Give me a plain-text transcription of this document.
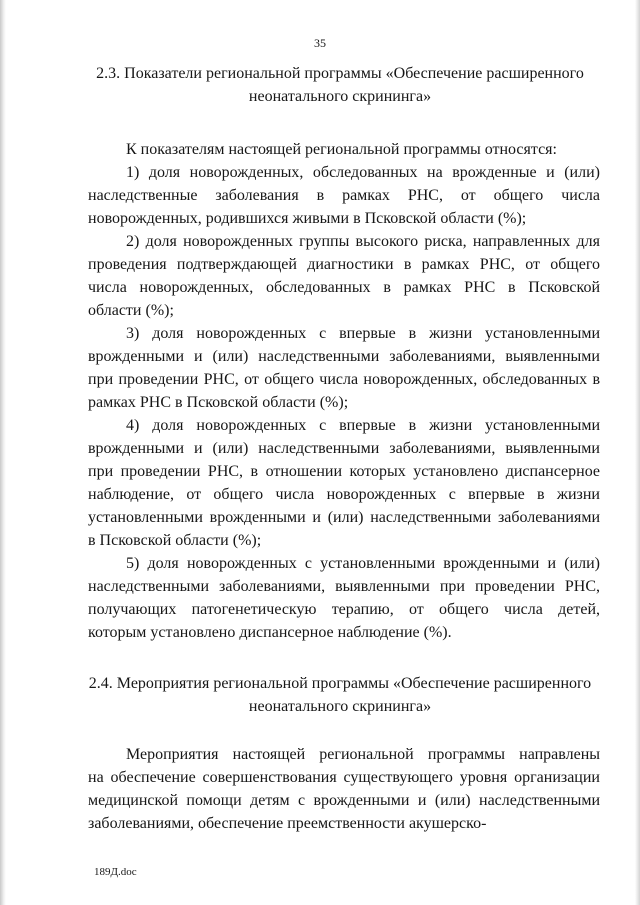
35
2.3. Показатели региональной программы «Обеспечение расширенного
неонатального скрининга»
К показателям настоящей региональной программы относятся:
1) доля новорожденных, обследованных на врожденные и (или)
наследственные заболевания в рамках РНС, от общего числа
новорожденных, родившихся живыми в Псковской области (%);
2) доля новорожденных группы высокого риска, направленных для
проведения подтверждающей диагностики в рамках РНС, от общего
числа новорожденных, обследованных в рамках РНС в Псковской
области (%);
3) доля новорожденных с впервые в жизни установленными
врожденными и (или) наследственными заболеваниями, выявленными
при проведении РНС, от общего числа новорожденных, обследованных в
рамках РНС в Псковской области (%);
4) доля новорожденных с впервые в жизни установленными
врожденными и (или) наследственными заболеваниями, выявленными
при проведении РНС, в отношении которых установлено диспансерное
наблюдение, от общего числа новорожденных с впервые в жизни
установленными врожденными и (или) наследственными заболеваниями
в Псковской области (%);
5) доля новорожденных с установленными врожденными и (или)
наследственными заболеваниями, выявленными при проведении РНС,
получающих патогенетическую терапию, от общего числа детей,
которым установлено диспансерное наблюдение (%).
2.4. Мероприятия региональной программы «Обеспечение расширенного
неонатального скрининга»
Мероприятия настоящей региональной программы направлены
на обеспечение совершенствования существующего уровня организации
медицинской помощи детям с врожденными и (или) наследственными
заболеваниями, обеспечение преемственности акушерско-
189Д.doc
